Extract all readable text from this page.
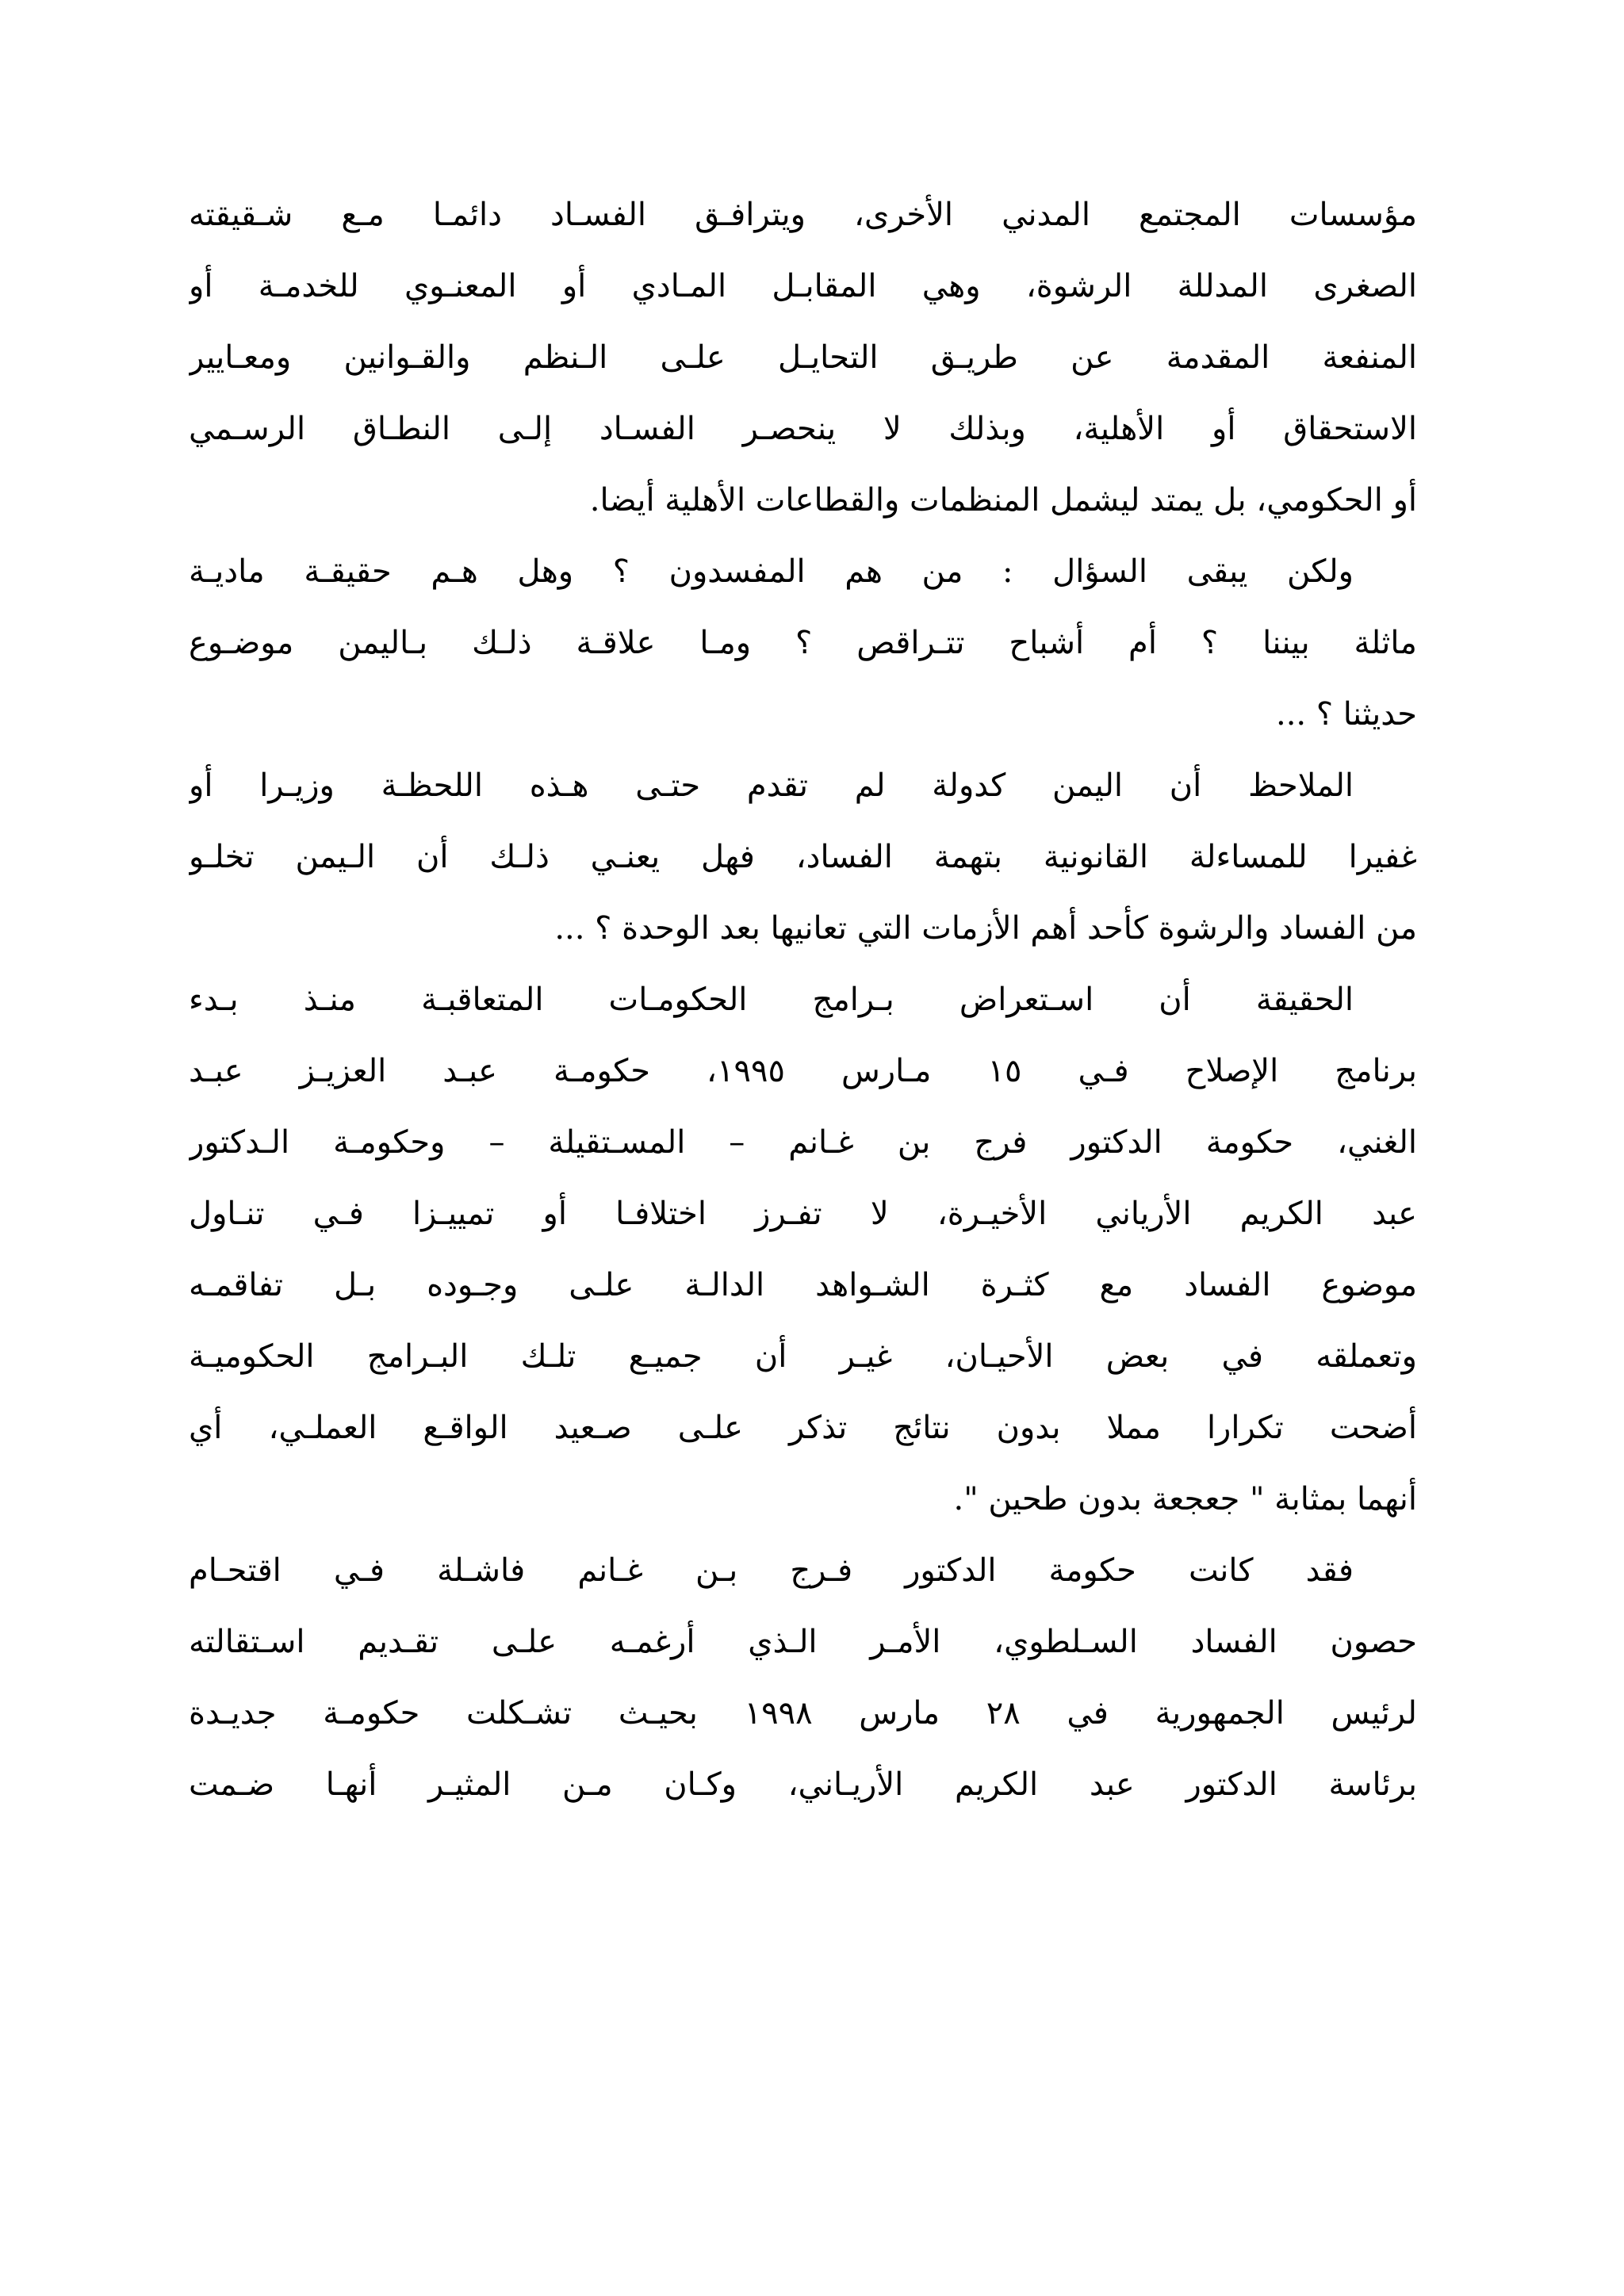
مؤسسات المجتمع المدني الأخرى، ويترافـق الفسـاد دائمـا مـع شـقيقته
الصغرى المدللة الرشوة، وهي المقابـل المـادي أو المعنـوي للخدمـة أو
المنفعة المقدمة عن طريـق التحايـل علـى الـنظم والقـوانين ومعـايير
الاستحقاق أو الأهلية، وبذلك لا ينحصـر الفسـاد إلـى النطـاق الرسـمي
أو الحكومي، بل يمتد ليشمل المنظمات والقطاعات الأهلية أيضا.
ولكن يبقى السؤال : من هم المفسدون ؟ وهل هـم حقيقـة ماديـة
ماثلة بيننا ؟ أم أشباح تتـراقص ؟ ومـا علاقـة ذلـك بـاليمن موضـوع
حديثنا ؟ ...
الملاحظ أن اليمن كدولة لم تقدم حتـى هـذه اللحظـة وزيـرا أو
غفيرا للمساءلة القانونية بتهمة الفساد، فهل يعنـي ذلـك أن الـيمن تخلـو
من الفساد والرشوة كأحد أهم الأزمات التي تعانيها بعد الوحدة ؟ ...
الحقيقة أن اسـتعراض بـرامج الحكومـات المتعاقبـة منـذ بـدء
برنامج الإصلاح فـي ١٥ مـارس ١٩٩٥، حكومـة عبـد العزيـز عبـد
الغني، حكومة الدكتور فرج بن غـانم – المسـتقيلة – وحكومـة الـدكتور
عبد الكريم الأرياني الأخيـرة، لا تفـرز اختلافـا أو تمييـزا فـي تنـاول
موضوع الفساد مع كثـرة الشـواهد الدالـة علـى وجـوده بـل تفاقمـه
وتعملقه في بعض الأحيـان، غيـر أن جميـع تلـك البـرامج الحكوميـة
أضحت تكرارا مملا بدون نتائج تذكر علـى صـعيد الواقـع العملـي، أي
أنهما بمثابة " جعجعة بدون طحين ".
فقد كانت حكومة الدكتور فـرج بـن غـانم فاشـلة فـي اقتحـام
حصون الفساد السـلطوي، الأمـر الـذي أرغمـه علـى تقـديم اسـتقالته
لرئيس الجمهورية في ٢٨ مارس ١٩٩٨ بحيـث تشـكلت حكومـة جديـدة
برئاسة الدكتور عبد الكريم الأريـاني، وكـان مـن المثيـر أنهـا ضـمت
